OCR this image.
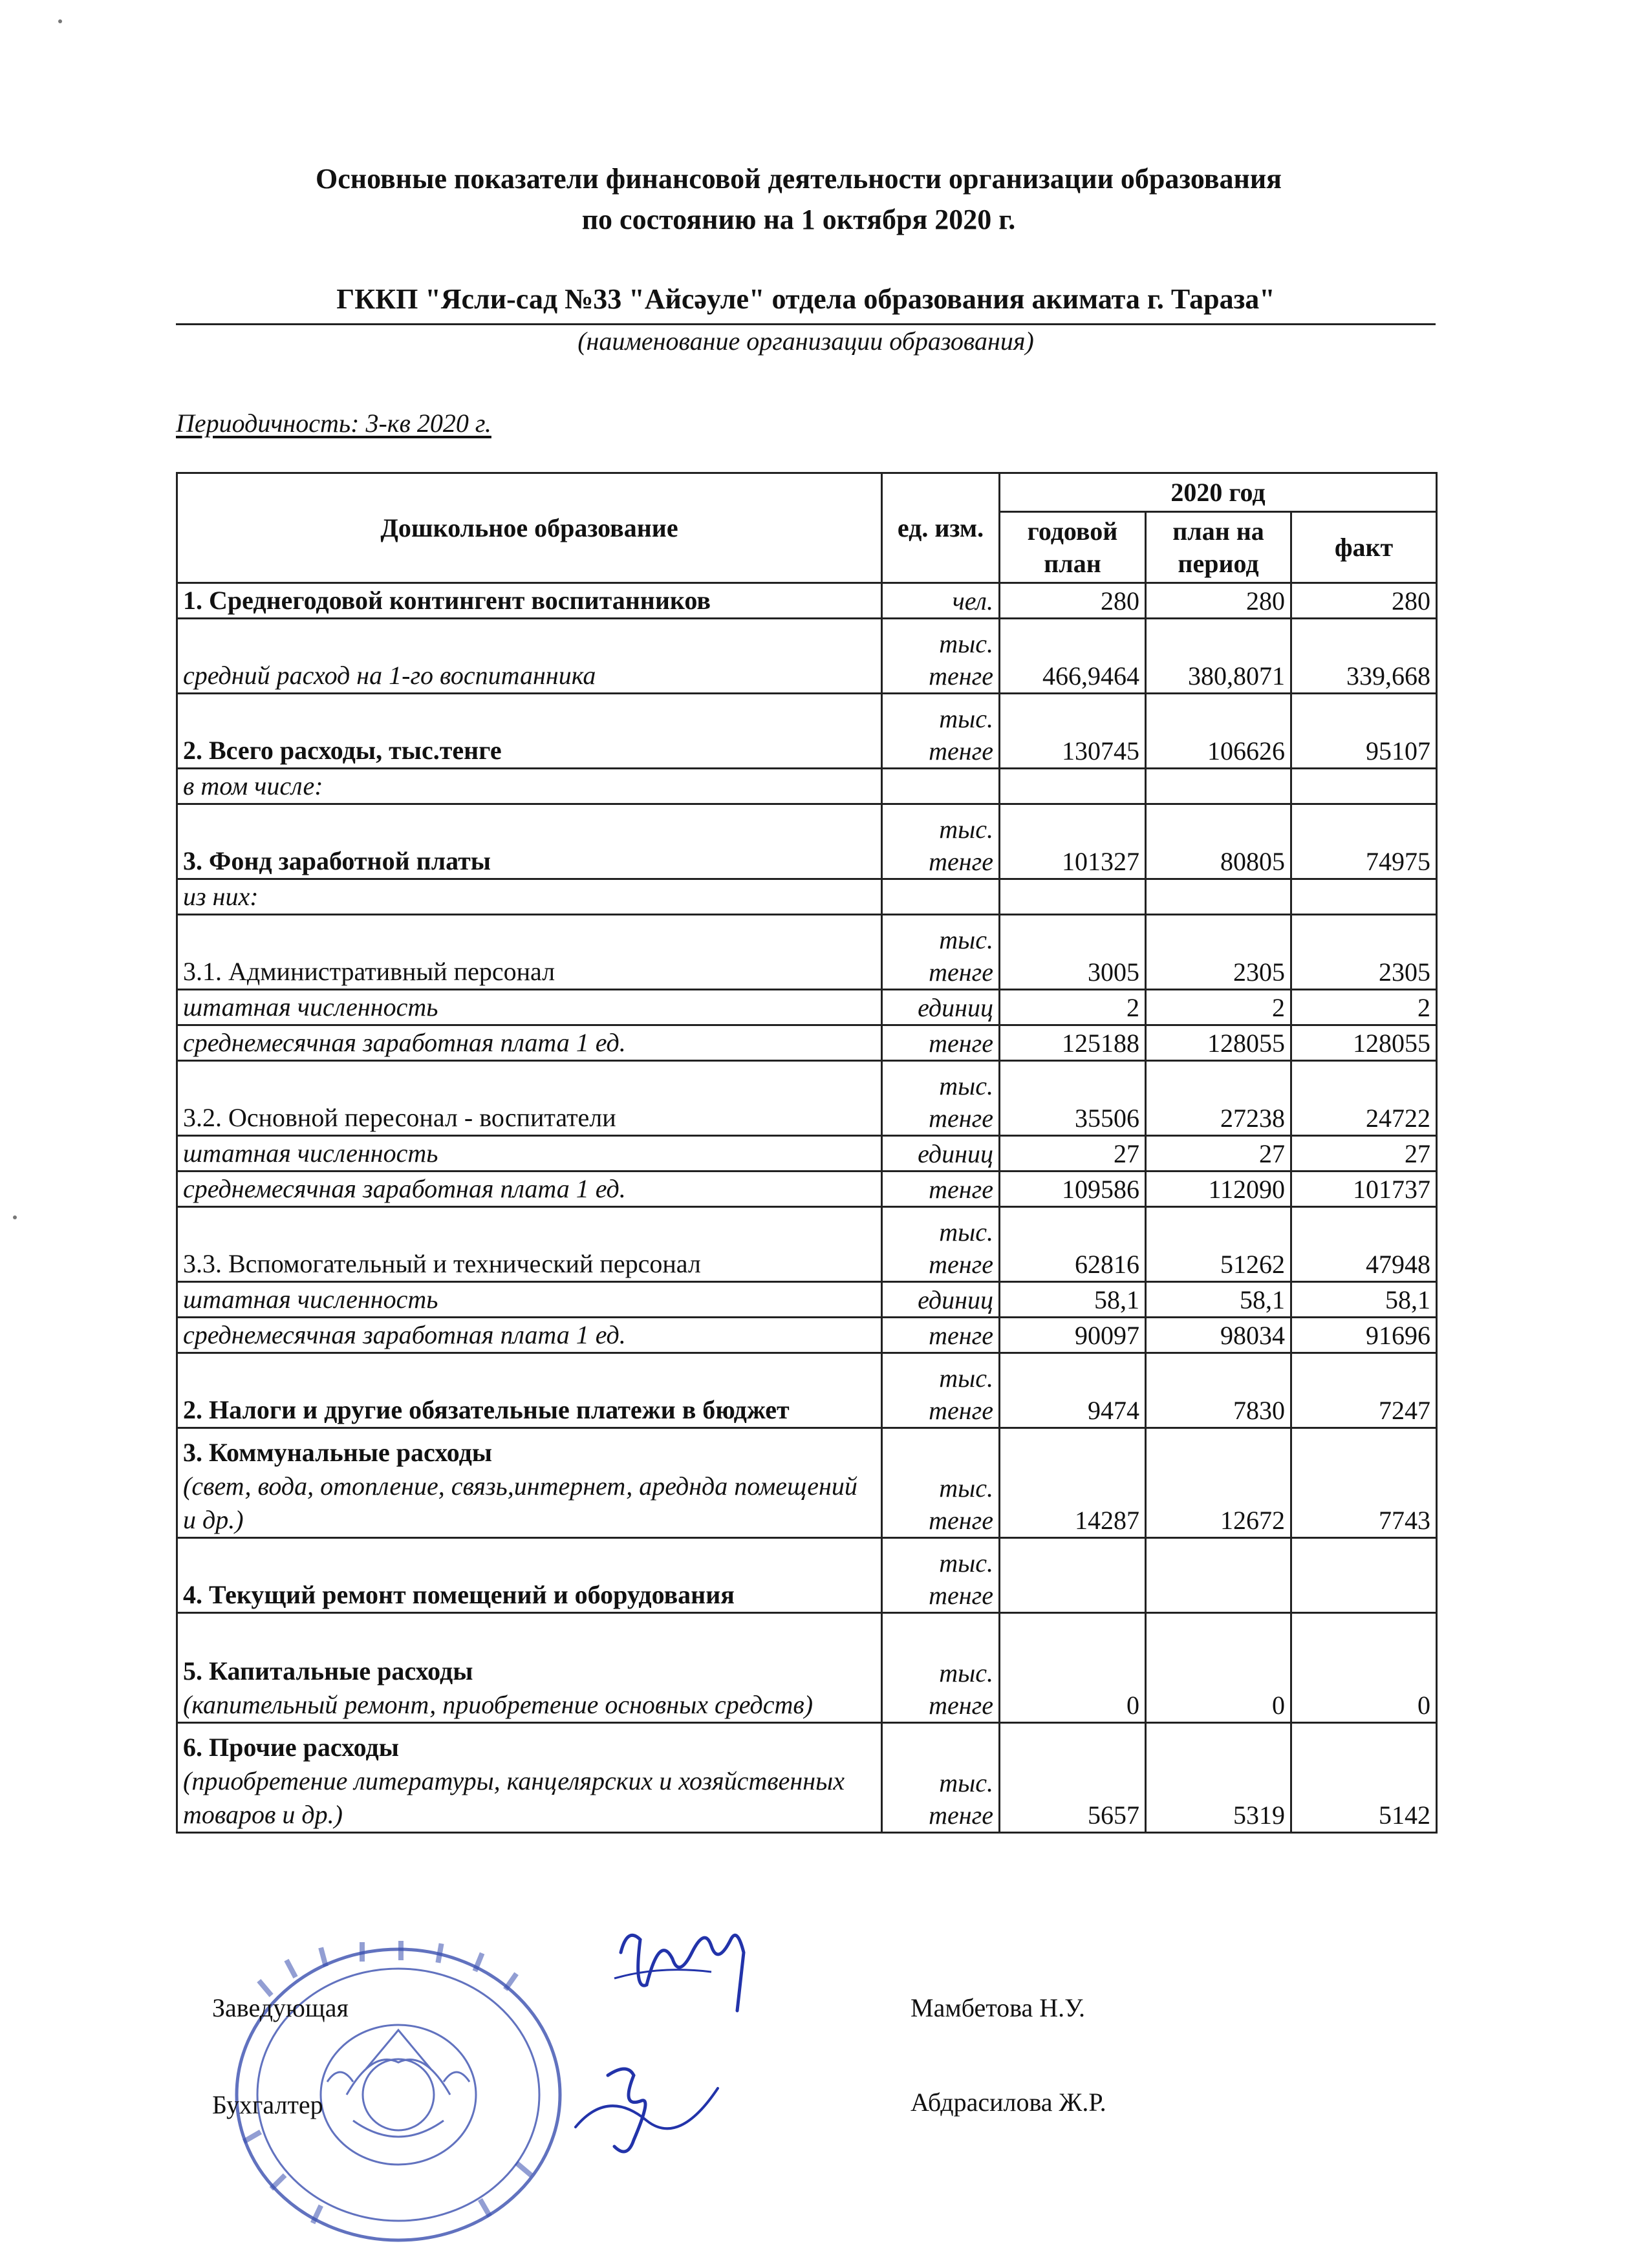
Основные показатели финансовой деятельности организации образования
по состоянию на 1 октября 2020 г.
ГККП "Ясли-сад №33 "Айсәуле" отдела образования акимата г. Тараза"
(наименование организации образования)
Периодичность: 3-кв 2020 г.
Дошкольное образование	ед. изм.	2020 год		
		годовой план	план на период	факт
1. Среднегодовой контингент воспитанников	чел.	280	280	280
средний расход на 1-го воспитанника	тыс. тенге	466,9464	380,8071	339,668
2. Всего расходы, тыс.тенге	тыс. тенге	130745	106626	95107
в том числе:				
3. Фонд заработной платы	тыс. тенге	101327	80805	74975
из них:				
3.1. Административный персонал	тыс. тенге	3005	2305	2305
штатная численность	единиц	2	2	2
среднемесячная заработная плата 1 ед.	тенге	125188	128055	128055
3.2. Основной пересонал - воспитатели	тыс. тенге	35506	27238	24722
штатная численность	единиц	27	27	27
среднемесячная заработная плата 1 ед.	тенге	109586	112090	101737
3.3. Вспомогательный и технический персонал	тыс. тенге	62816	51262	47948
штатная численность	единиц	58,1	58,1	58,1
среднемесячная заработная плата 1 ед.	тенге	90097	98034	91696
2. Налоги и другие обязательные платежи в бюджет	тыс. тенге	9474	7830	7247
3. Коммунальные расходы
(свет, вода, отопление, связь,интернет, ареднда помещений и др.)	тыс. тенге	14287	12672	7743
4. Текущий ремонт помещений и оборудования	тыс. тенге			
5. Капитальные расходы
(капительный ремонт, приобретение основных средств)	тыс. тенге	0	0	0
6. Прочие расходы
(приобретение литературы, канцелярских и хозяйственных товаров и др.)	тыс. тенге	5657	5319	5142
Заведующая	Мамбетова Н.У.
Бухгалтер	Абдрасилова Ж.Р.
